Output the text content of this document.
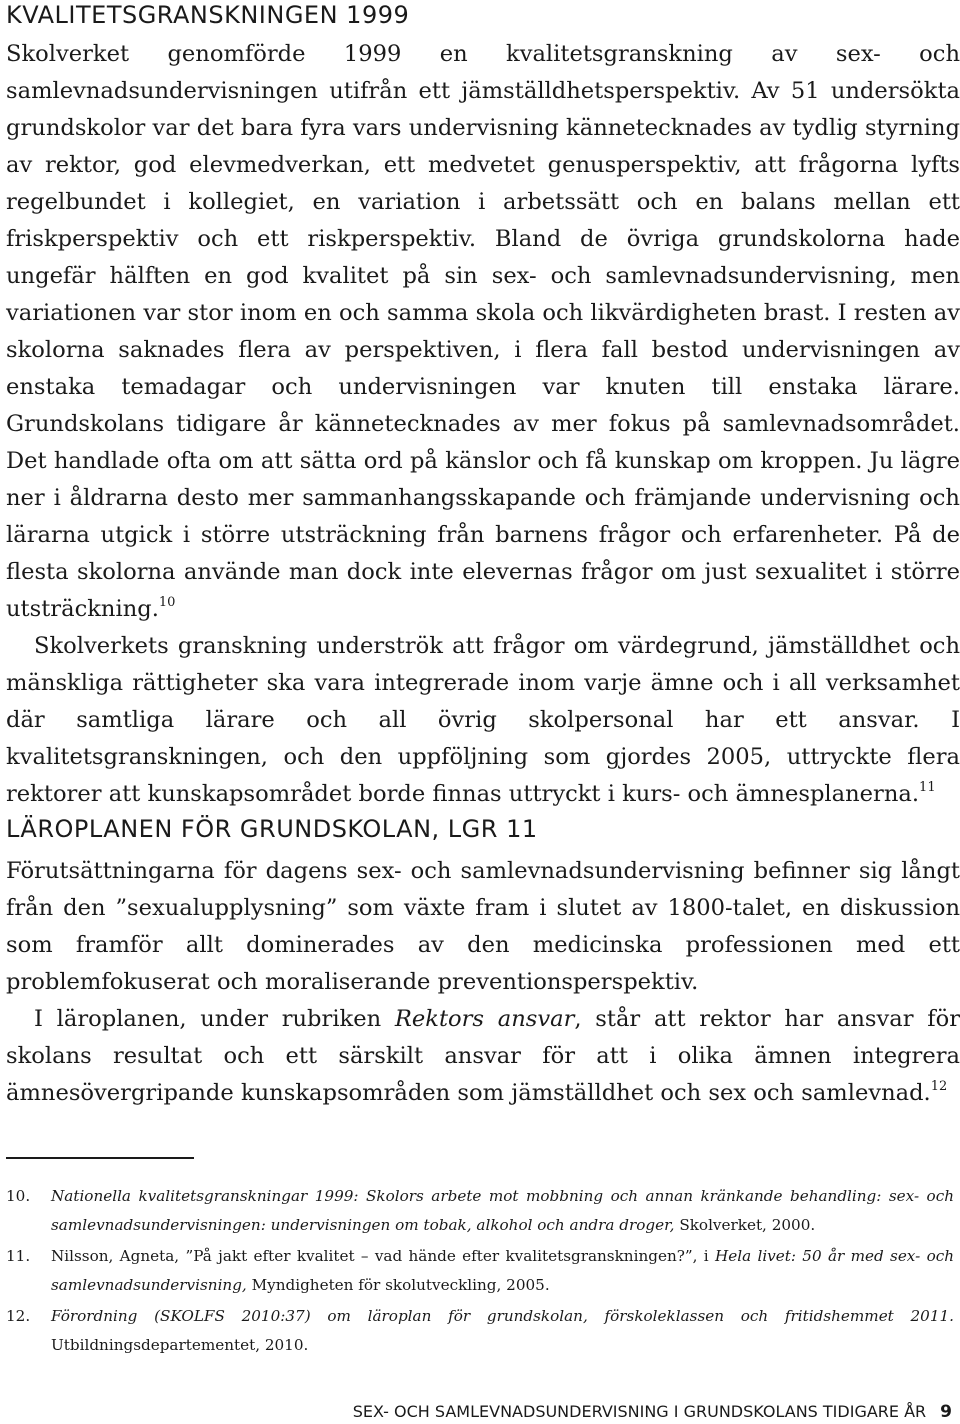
KVALITETSGRANSKNINGEN 1999

Skolverket genomförde 1999 en kvalitetsgranskning av sex- och samlevnadsundervisningen utifrån ett jämställdhetsperspektiv. Av 51 undersökta grundskolor var det bara fyra vars undervisning kännetecknades av tydlig styrning av rektor, god elevmedverkan, ett medvetet genusperspektiv, att frågorna lyfts regelbundet i kollegiet, en variation i arbetssätt och en balans mellan ett friskperspektiv och ett riskperspektiv. Bland de övriga grundskolorna hade ungefär hälften en god kvalitet på sin sex- och samlevnadsundervisning, men variationen var stor inom en och samma skola och likvärdigheten brast. I resten av skolorna saknades flera av perspektiven, i flera fall bestod undervisningen av enstaka temadagar och undervisningen var knuten till enstaka lärare. Grundskolans tidigare år kännetecknades av mer fokus på samlevnadsområdet. Det handlade ofta om att sätta ord på känslor och få kunskap om kroppen. Ju lägre ner i åldrarna desto mer sammanhangsskapande och främjande undervisning och lärarna utgick i större utsträckning från barnens frågor och erfarenheter. På de flesta skolorna använde man dock inte elevernas frågor om just sexualitet i större utsträckning.$^{10}$

Skolverkets granskning underströk att frågor om värdegrund, jämställdhet och mänskliga rättigheter ska vara integrerade inom varje ämne och i all verksamhet där samtliga lärare och all övrig skolpersonal har ett ansvar. I kvalitetsgranskningen, och den uppföljning som gjordes 2005, uttryckte flera rektorer att kunskapsområdet borde finnas uttryckt i kurs- och ämnesplanerna.$^{11}$

LÄROPLANEN FÖR GRUNDSKOLAN, LGR 11

Förutsättningarna för dagens sex- och samlevnadsundervisning befinner sig långt från den ”sexualupplysning” som växte fram i slutet av 1800-talet, en diskussion som framför allt dominerades av den medicinska professionen med ett problemfokuserat och moraliserande preventionsperspektiv.

I läroplanen, under rubriken Rektors ansvar, står att rektor har ansvar för skolans resultat och ett särskilt ansvar för att i olika ämnen integrera ämnesövergripande kunskapsområden som jämställdhet och sex och samlevnad.$^{12}$

10. Nationella kvalitetsgranskningar 1999: Skolors arbete mot mobbning och annan kränkande behandling: sex- och samlevnadsundervisningen: undervisningen om tobak, alkohol och andra droger, Skolverket, 2000.
11. Nilsson, Agneta, ”På jakt efter kvalitet – vad hände efter kvalitetsgranskningen?”, i Hela livet: 50 år med sex- och samlevnadsundervisning, Myndigheten för skolutveckling, 2005.
12. Förordning (SKOLFS 2010:37) om läroplan för grundskolan, förskoleklassen och fritidshemmet 2011. Utbildningsdepartementet, 2010.
SEX- OCH SAMLEVNADSUNDERVISNING I GRUNDSKOLANS TIDIGARE ÅR 9
